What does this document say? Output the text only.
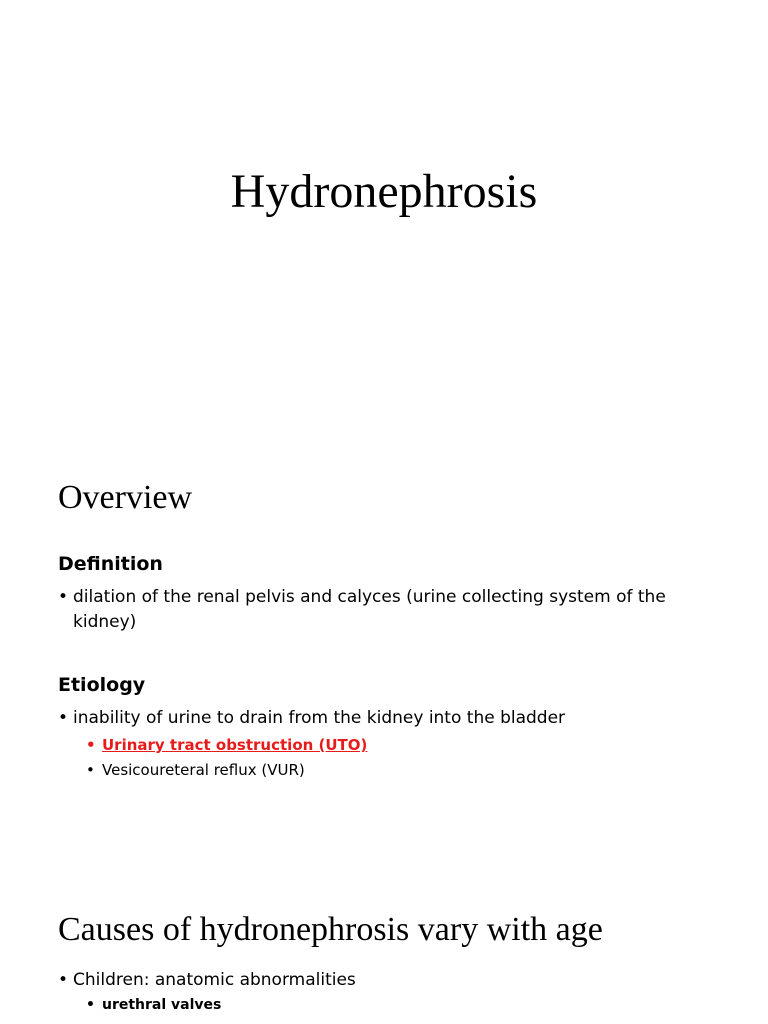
Hydronephrosis
Overview
Definition

• dilation of the renal pelvis and calyces (urine collecting system of the kidney)

Etiology

• inability of urine to drain from the kidney into the bladder

• Urinary tract obstruction (UTO)

• Vesicoureteral reflux (VUR)

Causes of hydronephrosis vary with age

• Children: anatomic abnormalities

• urethral valves
